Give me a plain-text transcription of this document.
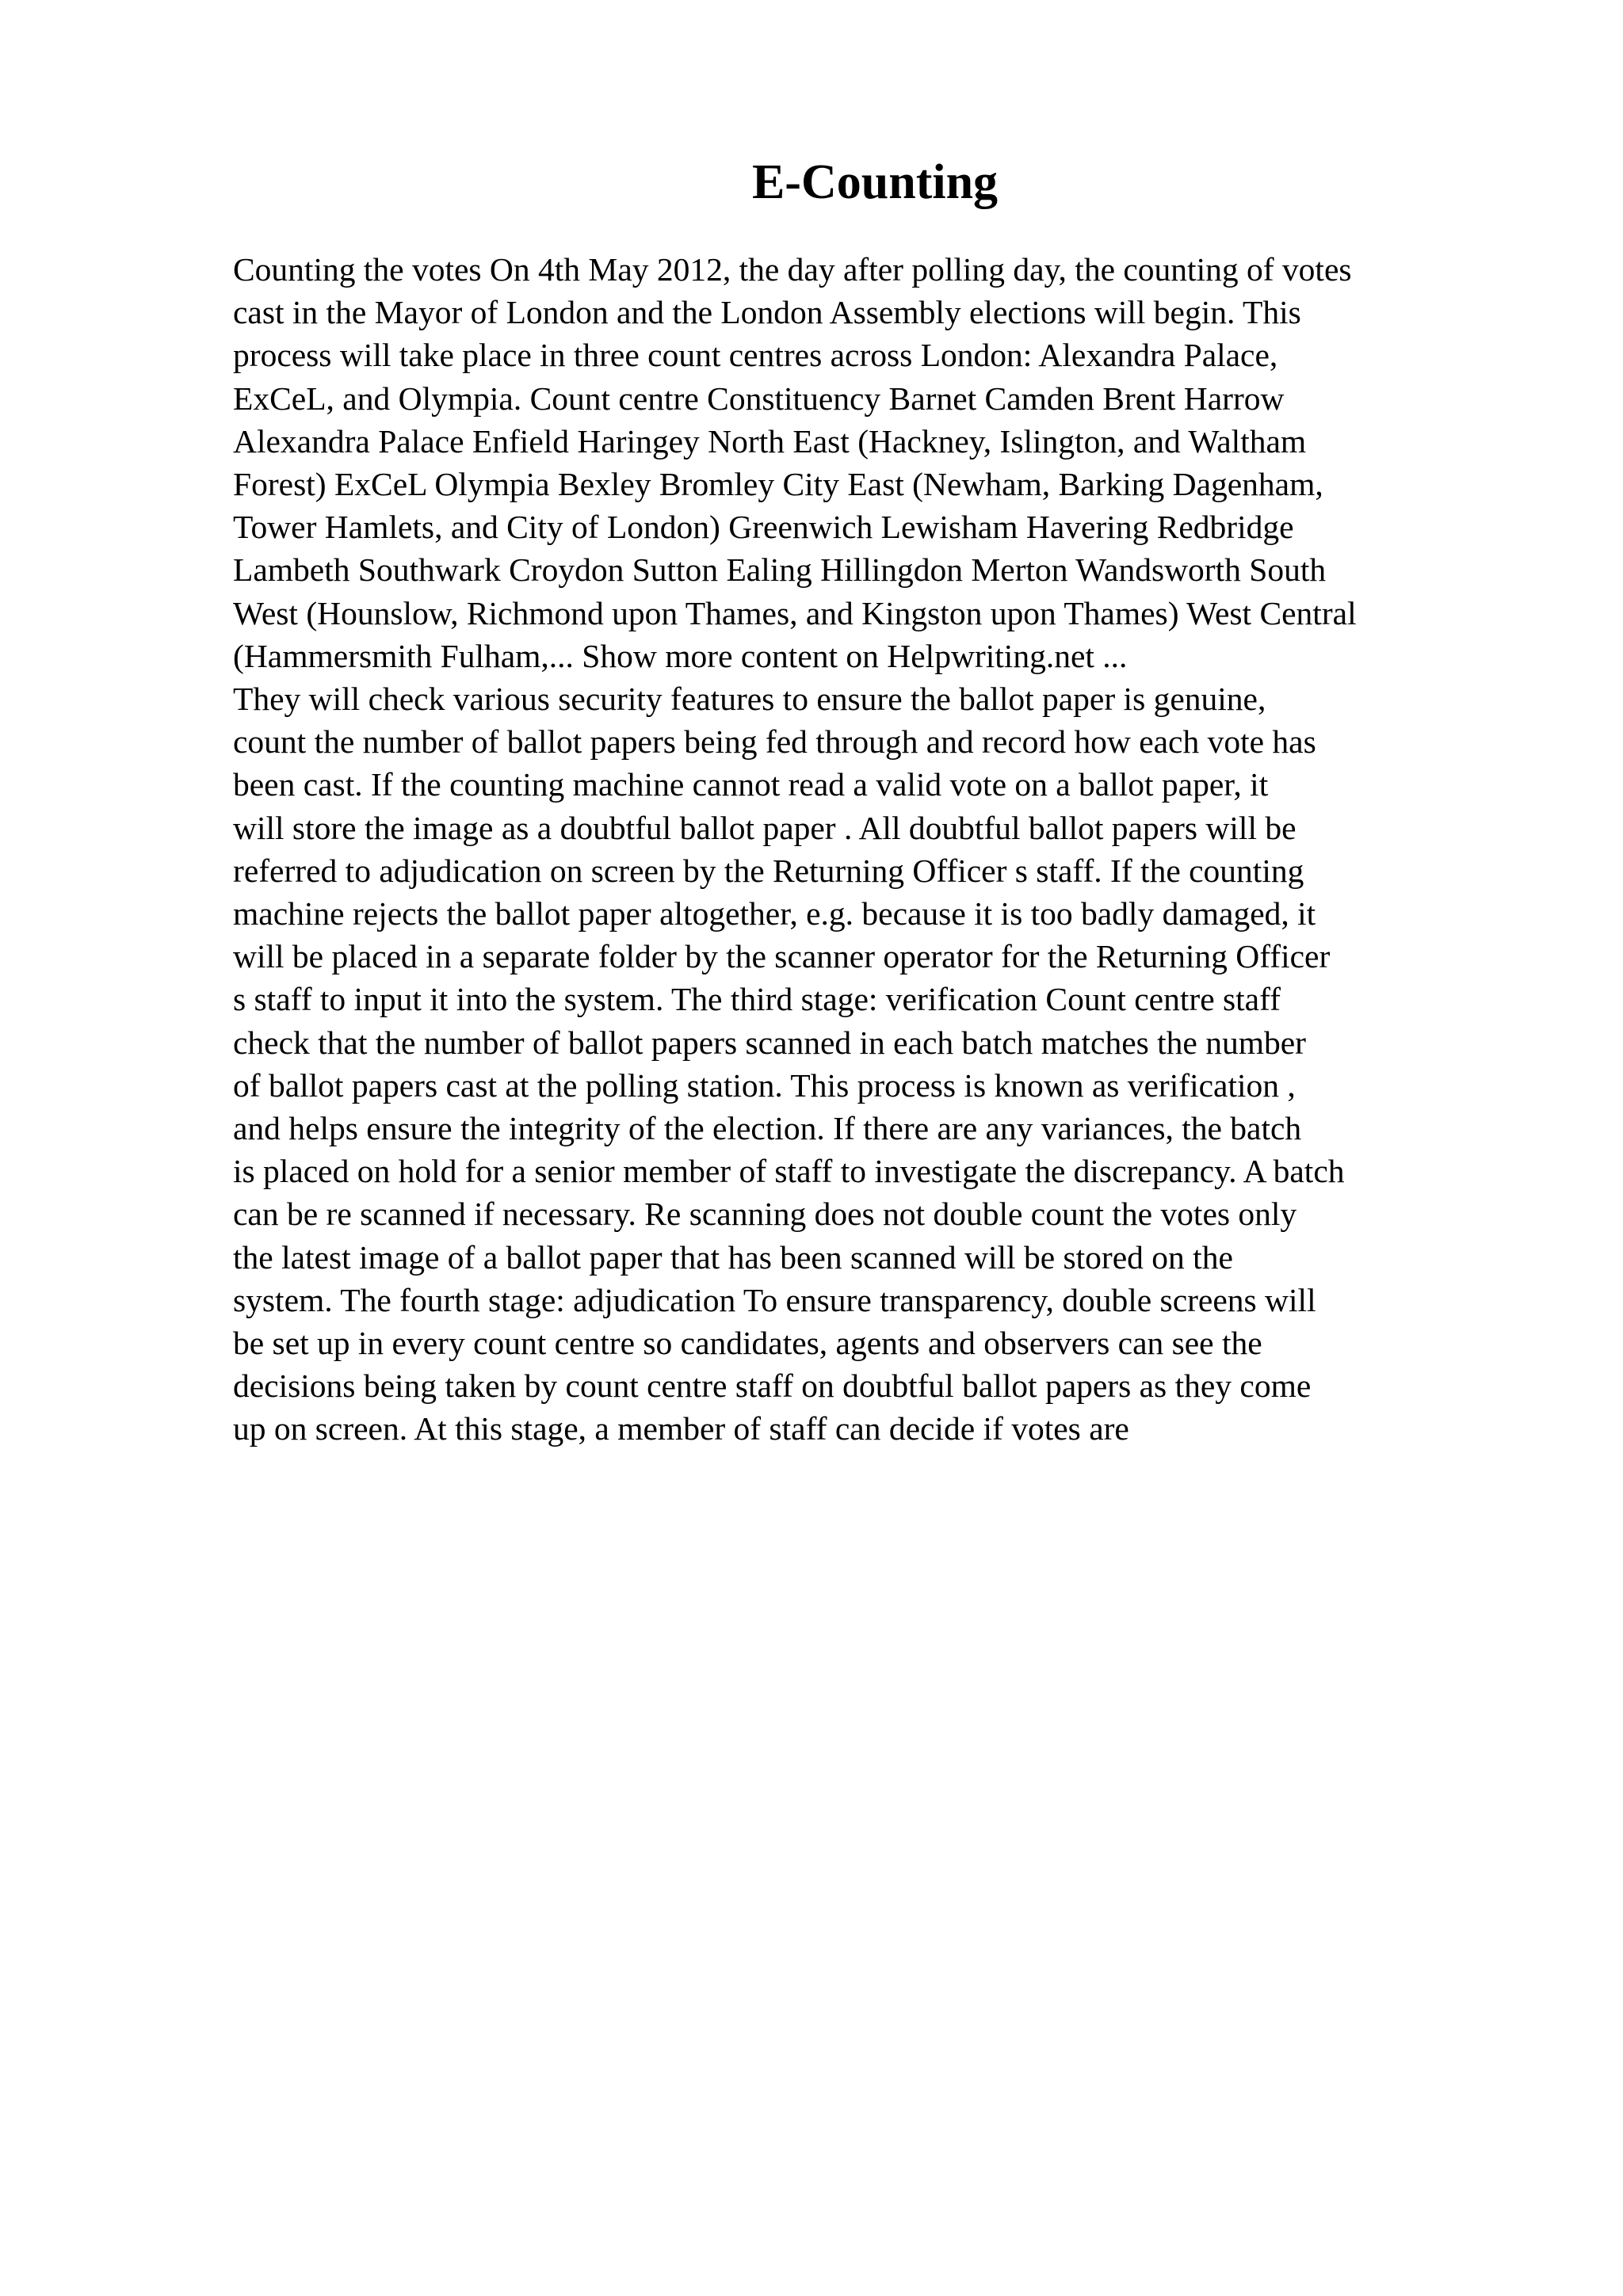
E-Counting
Counting the votes On 4th May 2012, the day after polling day, the counting of votes
cast in the Mayor of London and the London Assembly elections will begin. This
process will take place in three count centres across London: Alexandra Palace,
ExCeL, and Olympia. Count centre Constituency Barnet Camden Brent Harrow
Alexandra Palace Enfield Haringey North East (Hackney, Islington, and Waltham
Forest) ExCeL Olympia Bexley Bromley City East (Newham, Barking Dagenham,
Tower Hamlets, and City of London) Greenwich Lewisham Havering Redbridge
Lambeth Southwark Croydon Sutton Ealing Hillingdon Merton Wandsworth South
West (Hounslow, Richmond upon Thames, and Kingston upon Thames) West Central
(Hammersmith Fulham,... Show more content on Helpwriting.net ...
They will check various security features to ensure the ballot paper is genuine,
count the number of ballot papers being fed through and record how each vote has
been cast. If the counting machine cannot read a valid vote on a ballot paper, it
will store the image as a doubtful ballot paper . All doubtful ballot papers will be
referred to adjudication on screen by the Returning Officer s staff. If the counting
machine rejects the ballot paper altogether, e.g. because it is too badly damaged, it
will be placed in a separate folder by the scanner operator for the Returning Officer
s staff to input it into the system. The third stage: verification Count centre staff
check that the number of ballot papers scanned in each batch matches the number
of ballot papers cast at the polling station. This process is known as verification ,
and helps ensure the integrity of the election. If there are any variances, the batch
is placed on hold for a senior member of staff to investigate the discrepancy. A batch
can be re scanned if necessary. Re scanning does not double count the votes only
the latest image of a ballot paper that has been scanned will be stored on the
system. The fourth stage: adjudication To ensure transparency, double screens will
be set up in every count centre so candidates, agents and observers can see the
decisions being taken by count centre staff on doubtful ballot papers as they come
up on screen. At this stage, a member of staff can decide if votes are
